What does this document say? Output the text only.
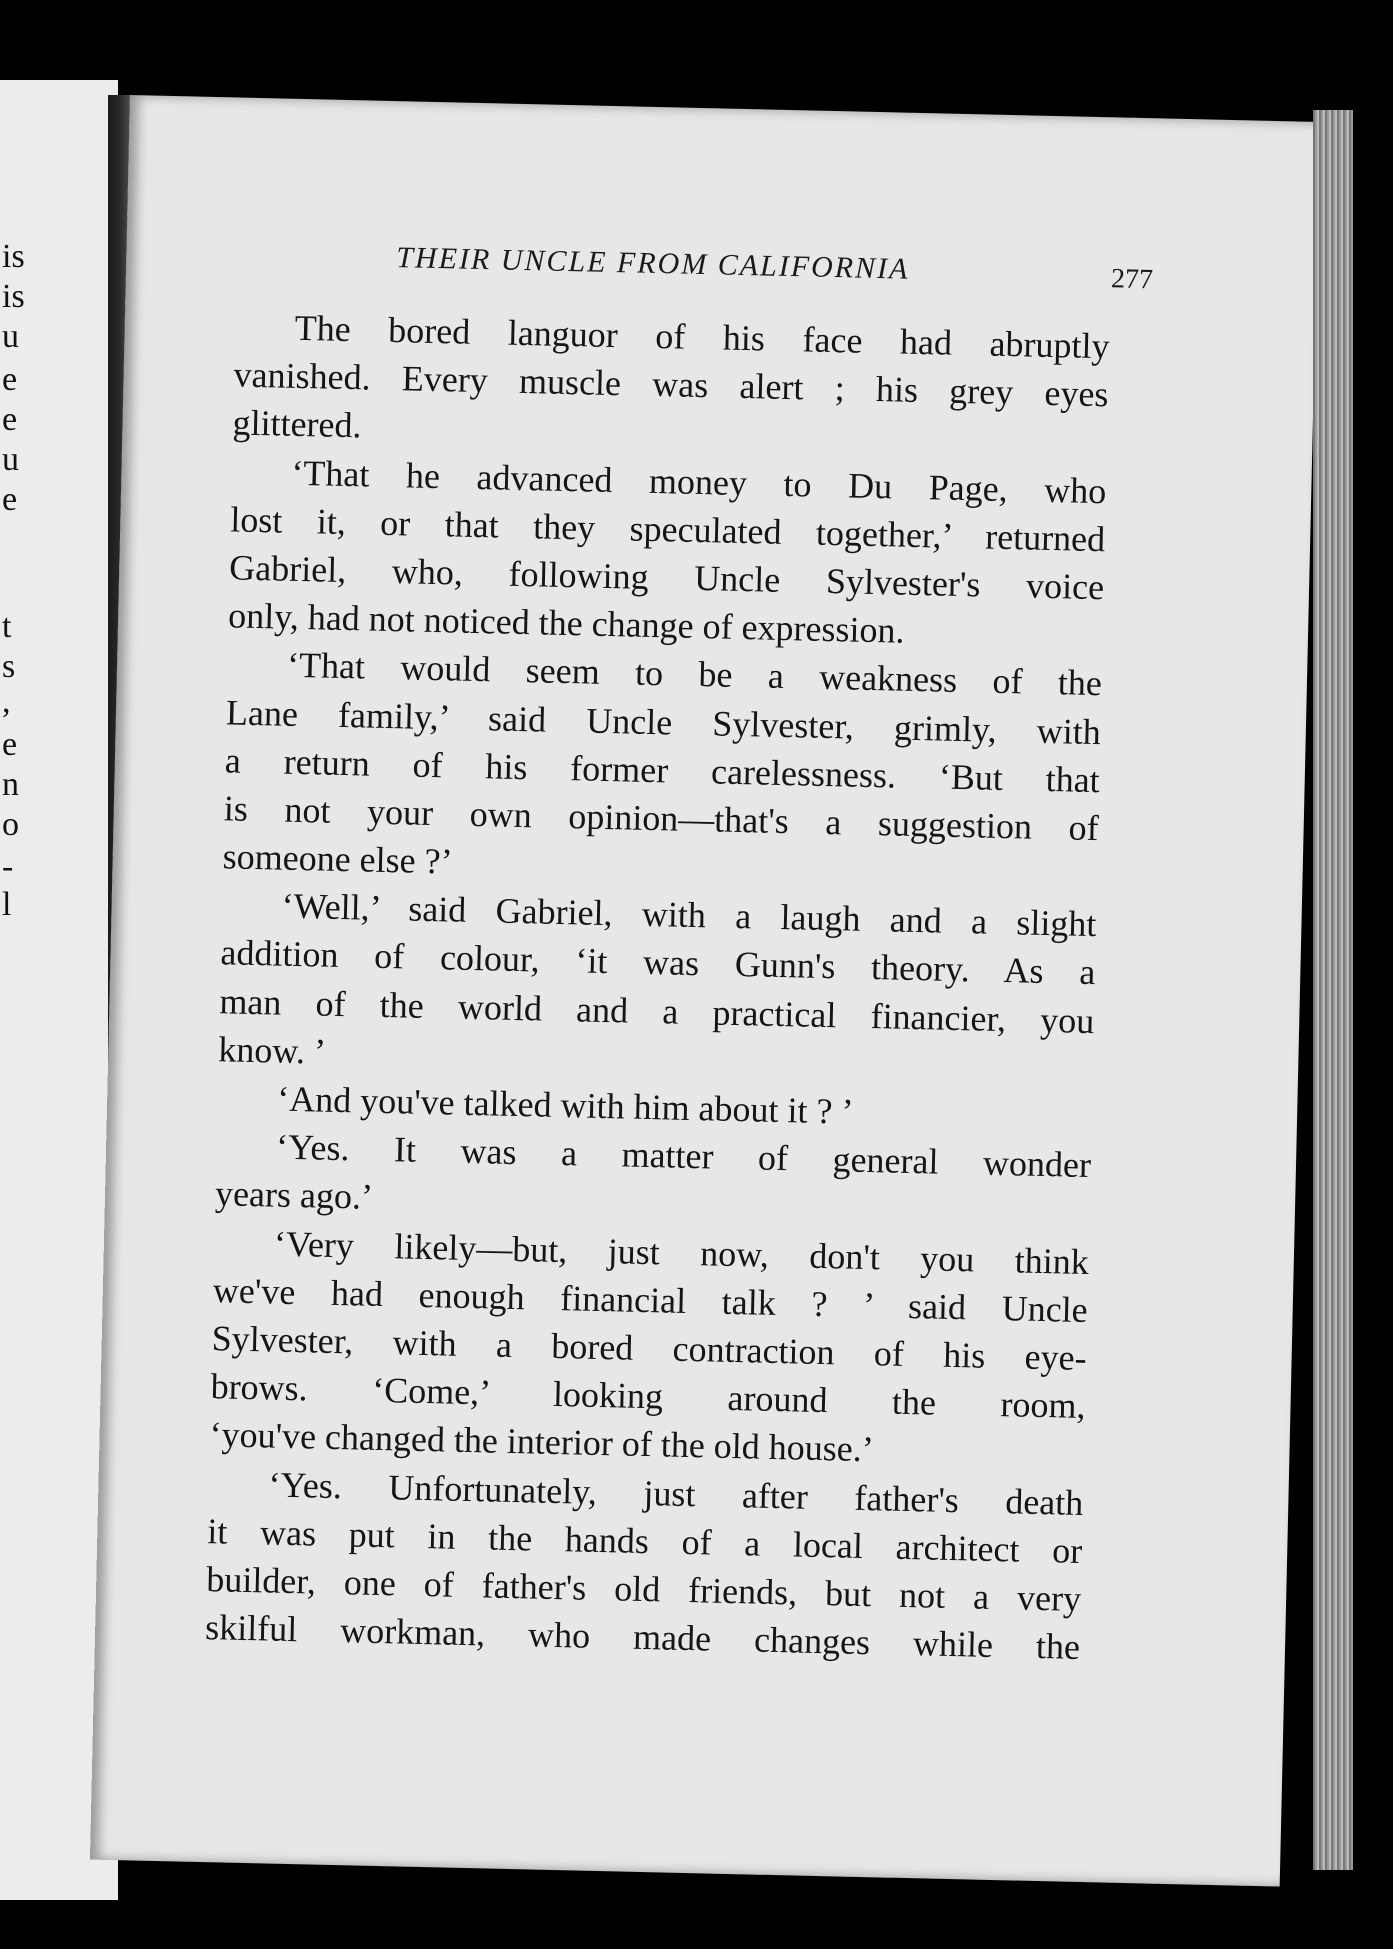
is
is
u
e
e
u
e
t
s
,
e
n
o
-
l
THEIR UNCLE FROM CALIFORNIA	277
The bored languor of his face had abruptly
vanished. Every muscle was alert ; his grey eyes
glittered.
‘That he advanced money to Du Page, who
lost it, or that they speculated together,’ returned
Gabriel, who, following Uncle Sylvester's voice
only, had not noticed the change of expression.
‘That would seem to be a weakness of the
Lane family,’ said Uncle Sylvester, grimly, with
a return of his former carelessness. ‘But that
is not your own opinion—that's a suggestion of
someone else ?’
‘Well,’ said Gabriel, with a laugh and a slight
addition of colour, ‘it was Gunn's theory. As a
man of the world and a practical financier, you
know. ’
‘And you've talked with him about it ? ’
‘Yes. It was a matter of general wonder
years ago.’
‘Very likely—but, just now, don't you think
we've had enough financial talk ? ’ said Uncle
Sylvester, with a bored contraction of his eye-
brows. ‘Come,’ looking around the room,
‘you've changed the interior of the old house.’
‘Yes. Unfortunately, just after father's death
it was put in the hands of a local architect or
builder, one of father's old friends, but not a very
skilful workman, who made changes while the
